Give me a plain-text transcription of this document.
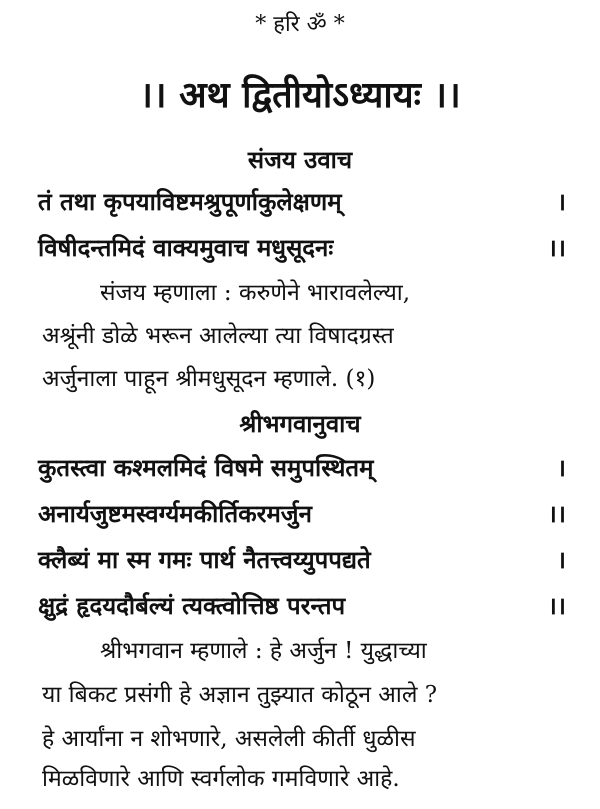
* हरि ॐ *
।। अथ द्वितीयोऽध्यायः ।।
संजय उवाच
तं तथा कृपयाविष्टमश्रुपूर्णाकुलेक्षणम्	।
विषीदन्तमिदं वाक्यमुवाच मधुसूदनः	।।
संजय म्हणाला : करुणेने भारावलेल्या,
अश्रूंनी डोळे भरून आलेल्या त्या विषादग्रस्त
अर्जुनाला पाहून श्रीमधुसूदन म्हणाले. (१)
श्रीभगवानुवाच
कुतस्त्वा कश्मलमिदं विषमे समुपस्थितम्	।
अनार्यजुष्टमस्वर्ग्यमकीर्तिकरमर्जुन	।।
क्लैब्यं मा स्म गमः पार्थ नैतत्त्वय्युपपद्यते	।
क्षुद्रं हृदयदौर्बल्यं त्यक्त्वोत्तिष्ठ परन्तप	।।
श्रीभगवान म्हणाले : हे अर्जुन ! युद्धाच्या
या बिकट प्रसंगी हे अज्ञान तुझ्यात कोठून आले ?
हे आर्यांना न शोभणारे, असलेली कीर्ती धुळीस
मिळविणारे आणि स्वर्गलोक गमविणारे आहे.
